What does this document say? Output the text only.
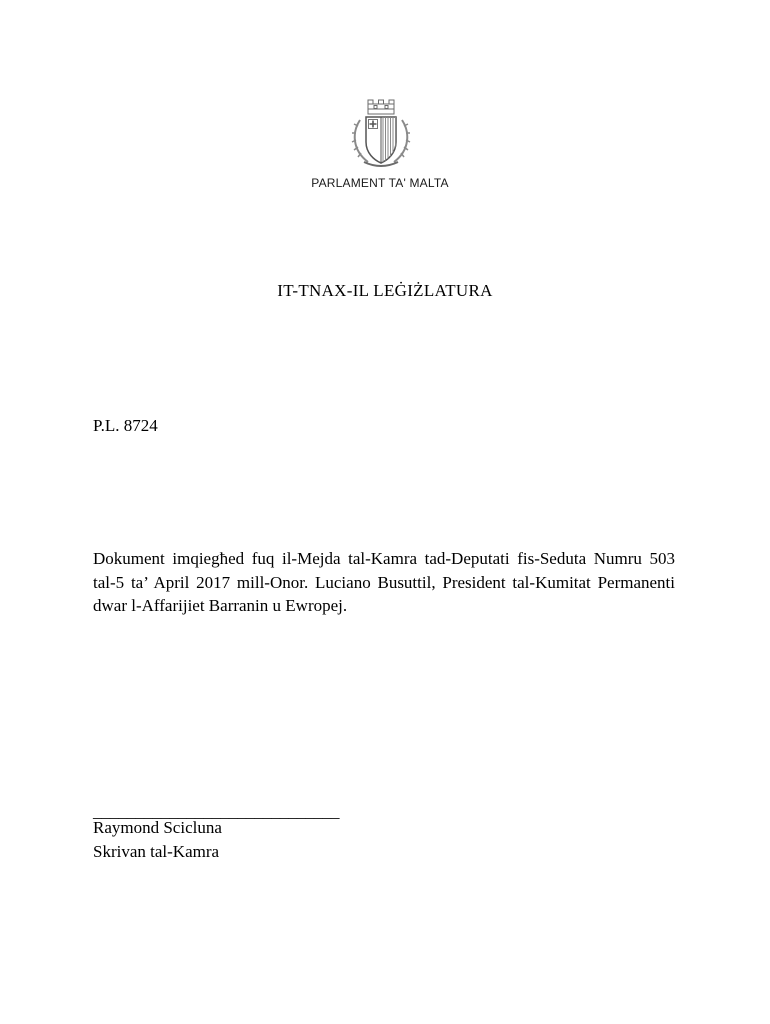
PARLAMENT TA' MALTA
IT-TNAX-IL LEĠIŻLATURA
P.L. 8724
Dokument imqiegħed fuq il-Mejda tal-Kamra tad-Deputati fis-Seduta Numru 503 tal-5 ta’ April 2017 mill-Onor. Luciano Busuttil, President tal-Kumitat Permanenti dwar l-Affarijiet Barranin u Ewropej.
_____________________________
Raymond Scicluna
Skrivan tal-Kamra
